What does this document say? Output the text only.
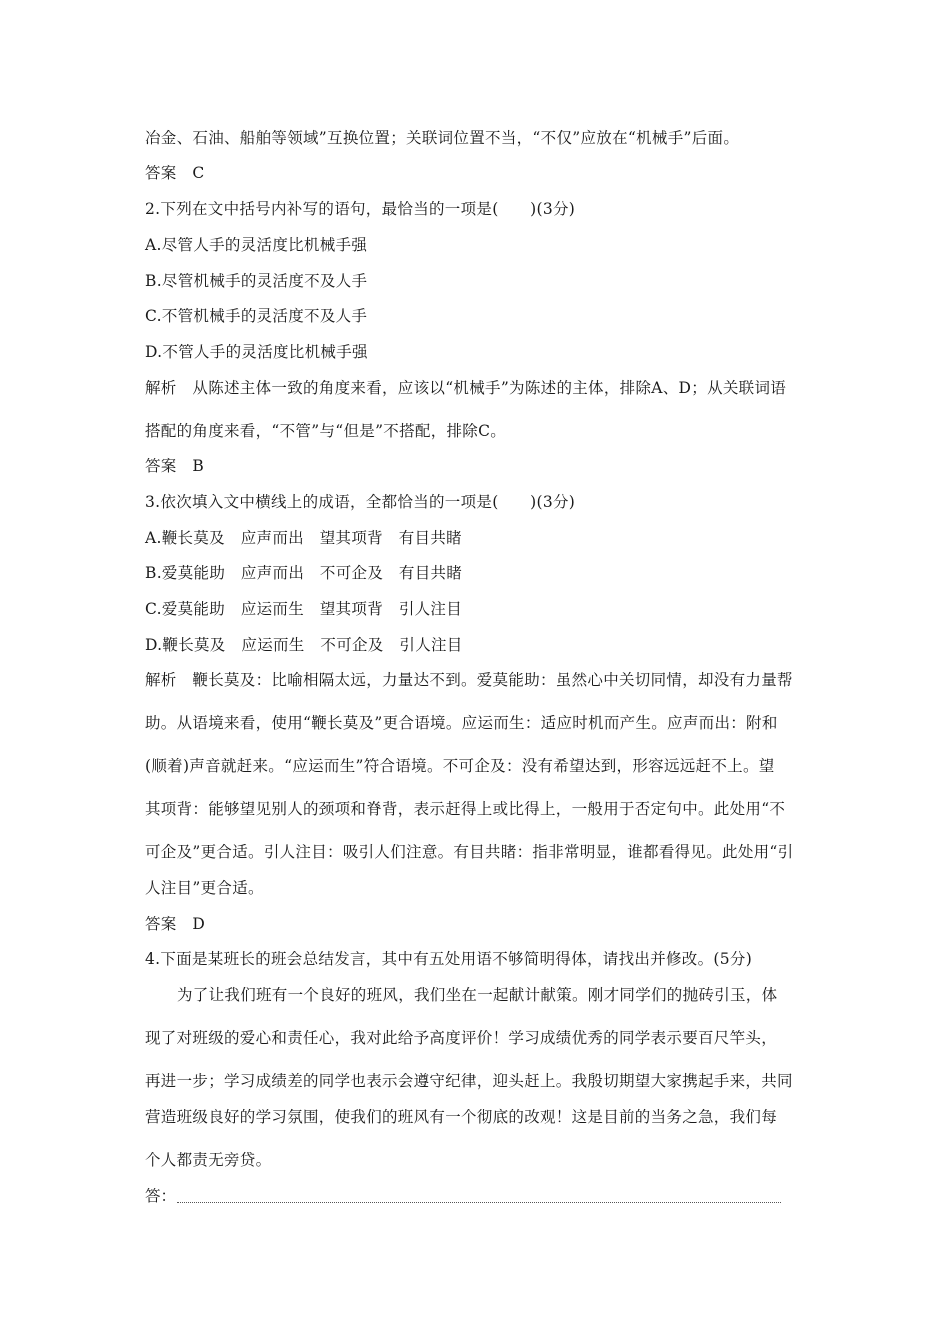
冶金、石油、船舶等领域”互换位置；关联词位置不当，“不仅”应放在“机械手”后面。
答案　C
2.下列在文中括号内补写的语句，最恰当的一项是(　　)(3分)
A.尽管人手的灵活度比机械手强
B.尽管机械手的灵活度不及人手
C.不管机械手的灵活度不及人手
D.不管人手的灵活度比机械手强
解析　从陈述主体一致的角度来看，应该以“机械手”为陈述的主体，排除A、D；从关联词语
搭配的角度来看，“不管”与“但是”不搭配，排除C。
答案　B
3.依次填入文中横线上的成语，全都恰当的一项是(　　)(3分)
A.鞭长莫及　应声而出　望其项背　有目共睹
B.爱莫能助　应声而出　不可企及　有目共睹
C.爱莫能助　应运而生　望其项背　引人注目
D.鞭长莫及　应运而生　不可企及　引人注目
解析　鞭长莫及：比喻相隔太远，力量达不到。爱莫能助：虽然心中关切同情，却没有力量帮
助。从语境来看，使用“鞭长莫及”更合语境。应运而生：适应时机而产生。应声而出：附和
(顺着)声音就赶来。“应运而生”符合语境。不可企及：没有希望达到，形容远远赶不上。望
其项背：能够望见别人的颈项和脊背，表示赶得上或比得上，一般用于否定句中。此处用“不
可企及”更合适。引人注目：吸引人们注意。有目共睹：指非常明显，谁都看得见。此处用“引
人注目”更合适。
答案　D
4.下面是某班长的班会总结发言，其中有五处用语不够简明得体，请找出并修改。(5分)
为了让我们班有一个良好的班风，我们坐在一起献计献策。刚才同学们的抛砖引玉，体
现了对班级的爱心和责任心，我对此给予高度评价！学习成绩优秀的同学表示要百尺竿头，
再进一步；学习成绩差的同学也表示会遵守纪律，迎头赶上。我殷切期望大家携起手来，共同
营造班级良好的学习氛围，使我们的班风有一个彻底的改观！这是目前的当务之急，我们每
个人都责无旁贷。
答：
